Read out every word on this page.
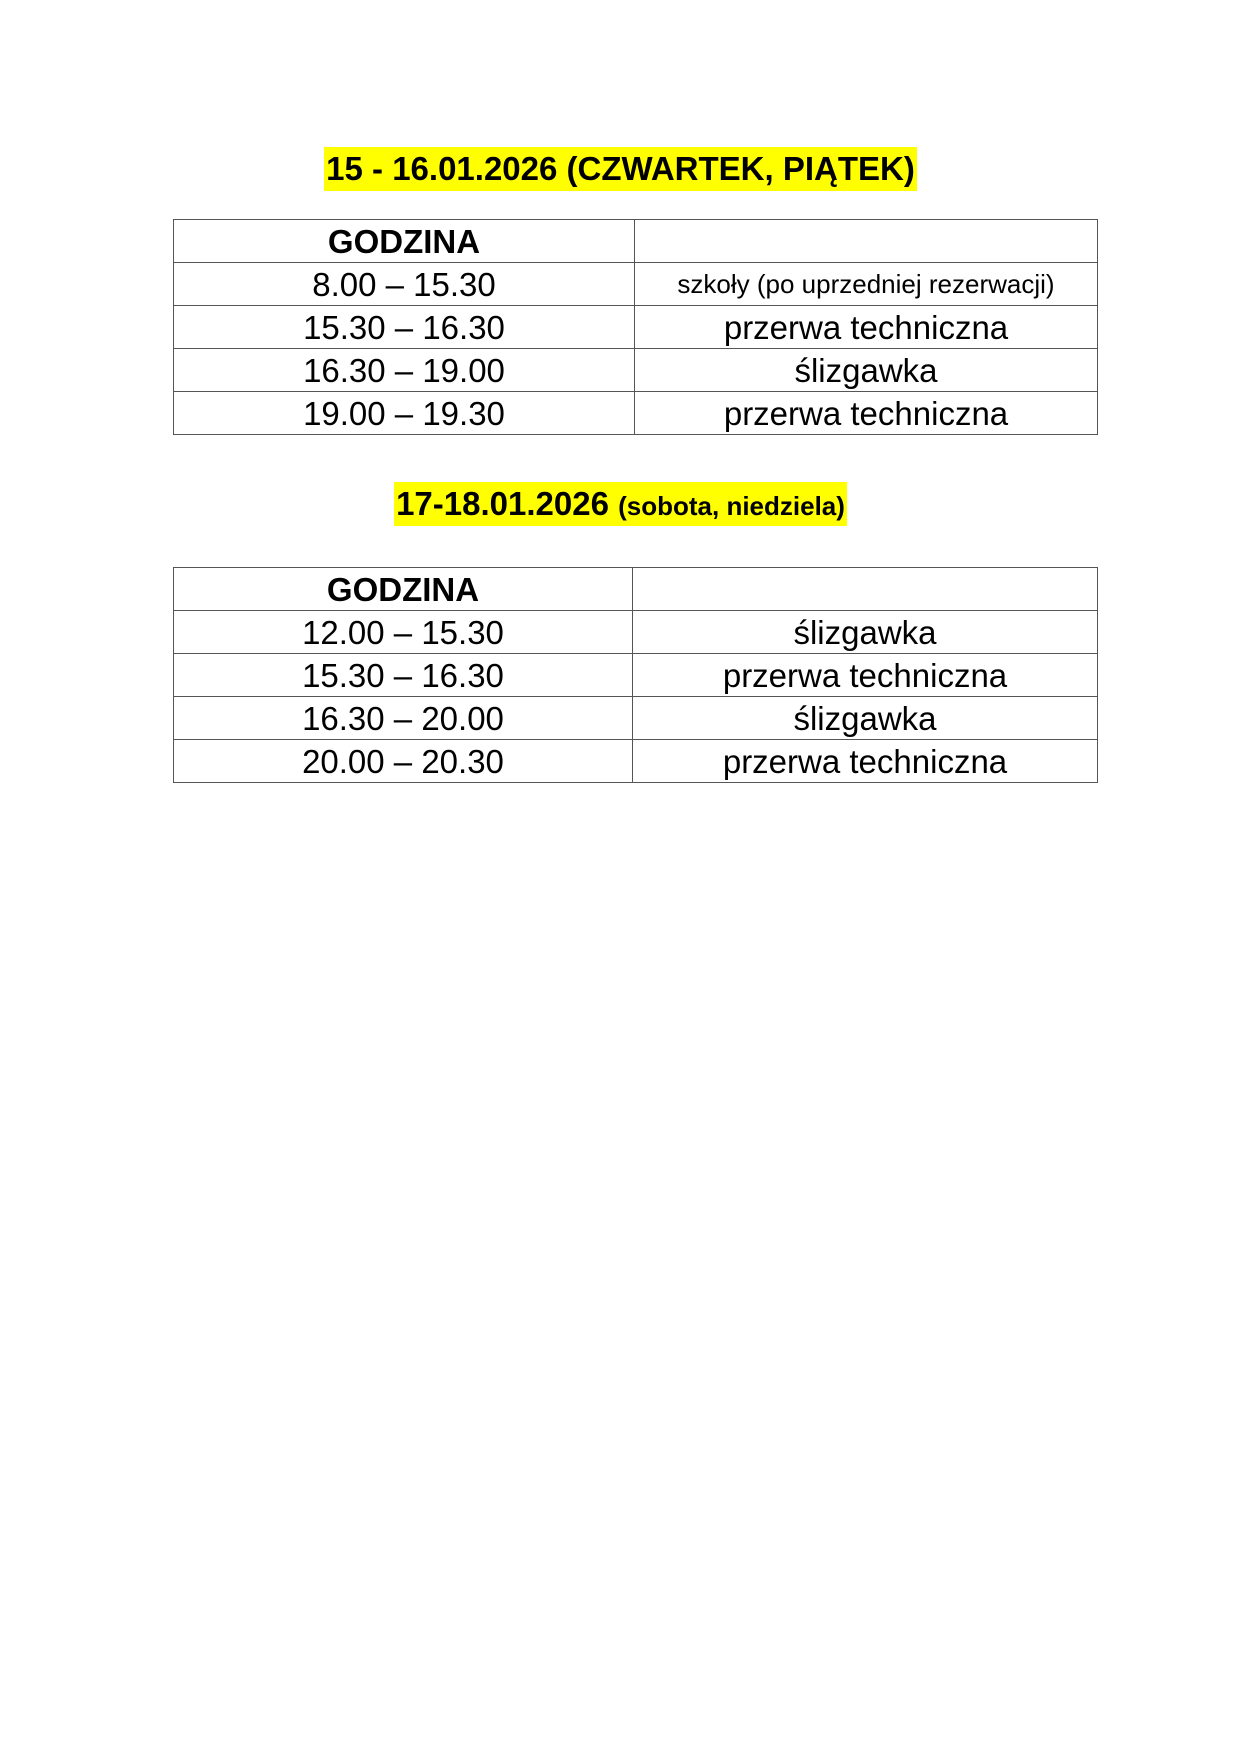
15 - 16.01.2026 (CZWARTEK, PIĄTEK)
GODZINA	
8.00 – 15.30	szkoły (po uprzedniej rezerwacji)
15.30 – 16.30	przerwa techniczna
16.30 – 19.00	ślizgawka
19.00 – 19.30	przerwa techniczna
17-18.01.2026 (sobota, niedziela)
GODZINA	
12.00 – 15.30	ślizgawka
15.30 – 16.30	przerwa techniczna
16.30 – 20.00	ślizgawka
20.00 – 20.30	przerwa techniczna
